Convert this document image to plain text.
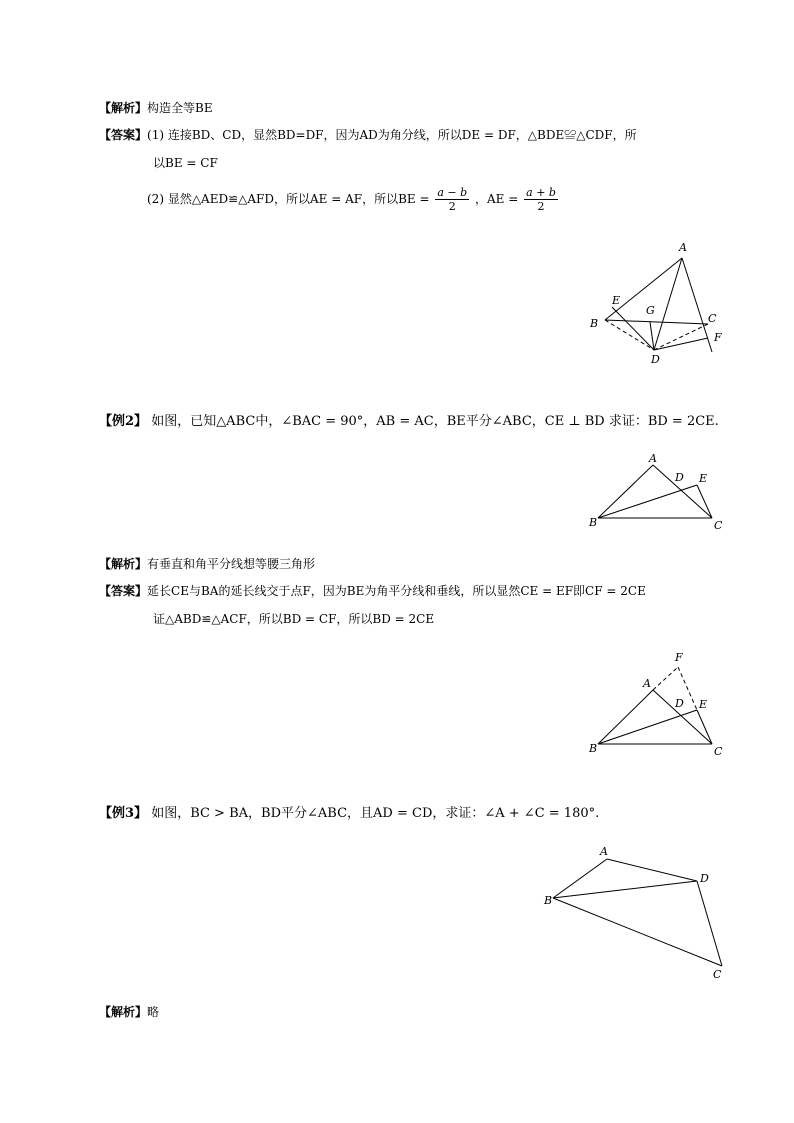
【解析】构造全等BE
【答案】(1) 连接BD、CD，显然BD=DF，因为AD为角分线，所以DE = DF，△BDE≌△CDF，所
以BE = CF
(2) 显然△AED≌△AFD，所以AE = AF，所以BE = $\frac{a - b}{2}$ ，AE = $\frac{a + b}{2}$
A
B	C
D
E
F
G
【例2】 如图，已知△ABC中，∠BAC = 90°，AB = AC，BE平分∠ABC，CE ⊥ BD 求证：BD = 2CE.
A
B	C
D E
【解析】有垂直和角平分线想等腰三角形
【答案】延长CE与BA的延长线交于点F，因为BE为角平分线和垂线，所以显然CE = EF即CF = 2CE
证△ABD≌△ACF，所以BD = CF，所以BD = 2CE
F
A
B	C
D E
【例3】 如图，BC > BA，BD平分∠ABC，且AD = CD，求证：∠A + ∠C = 180°.
A
B
C
D
【解析】略
